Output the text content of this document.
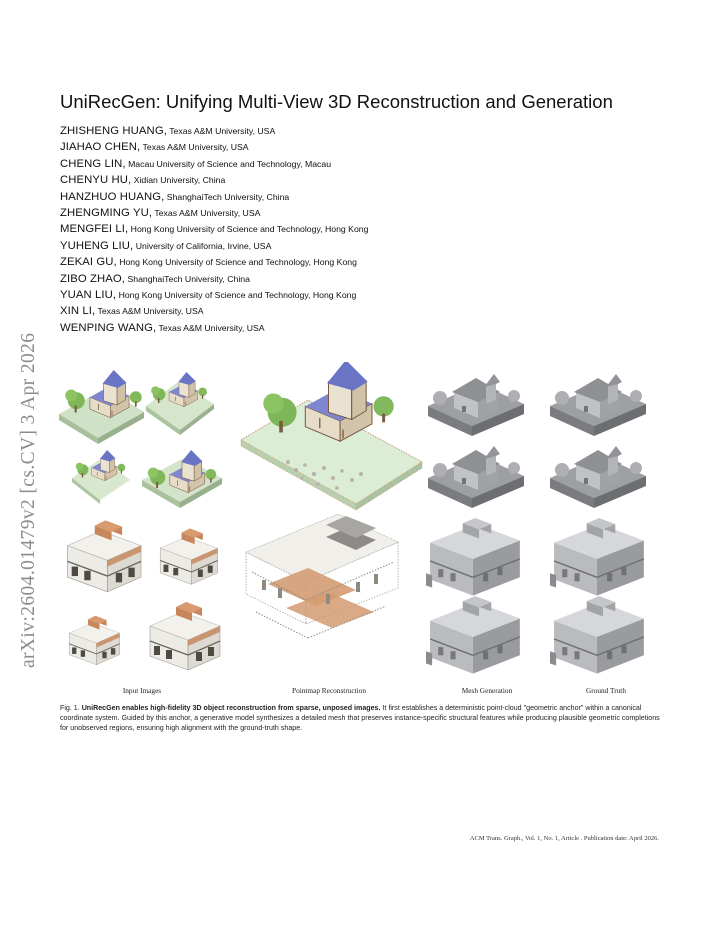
arXiv:2604.01479v2 [cs.CV] 3 Apr 2026
UniRecGen: Unifying Multi-View 3D Reconstruction and Generation
ZHISHENG HUANG, Texas A&M University, USA
JIAHAO CHEN, Texas A&M University, USA
CHENG LIN, Macau University of Science and Technology, Macau
CHENYU HU, Xidian University, China
HANZHUO HUANG, ShanghaiTech University, China
ZHENGMING YU, Texas A&M University, USA
MENGFEI LI, Hong Kong University of Science and Technology, Hong Kong
YUHENG LIU, University of California, Irvine, USA
ZEKAI GU, Hong Kong University of Science and Technology, Hong Kong
ZIBO ZHAO, ShanghaiTech University, China
YUAN LIU, Hong Kong University of Science and Technology, Hong Kong
XIN LI, Texas A&M University, USA
WENPING WANG, Texas A&M University, USA
Input Images	Pointmap Reconstruction	Mesh Generation	Ground Truth
Fig. 1. UniRecGen enables high-fidelity 3D object reconstruction from sparse, unposed images. It first establishes a deterministic point-cloud "geometric anchor" within a canonical coordinate system. Guided by this anchor, a generative model synthesizes a detailed mesh that preserves instance-specific structural features while producing plausible geometric completions for unobserved regions, ensuring high alignment with the ground-truth shape.
ACM Trans. Graph., Vol. 1, No. 1, Article . Publication date: April 2026.
